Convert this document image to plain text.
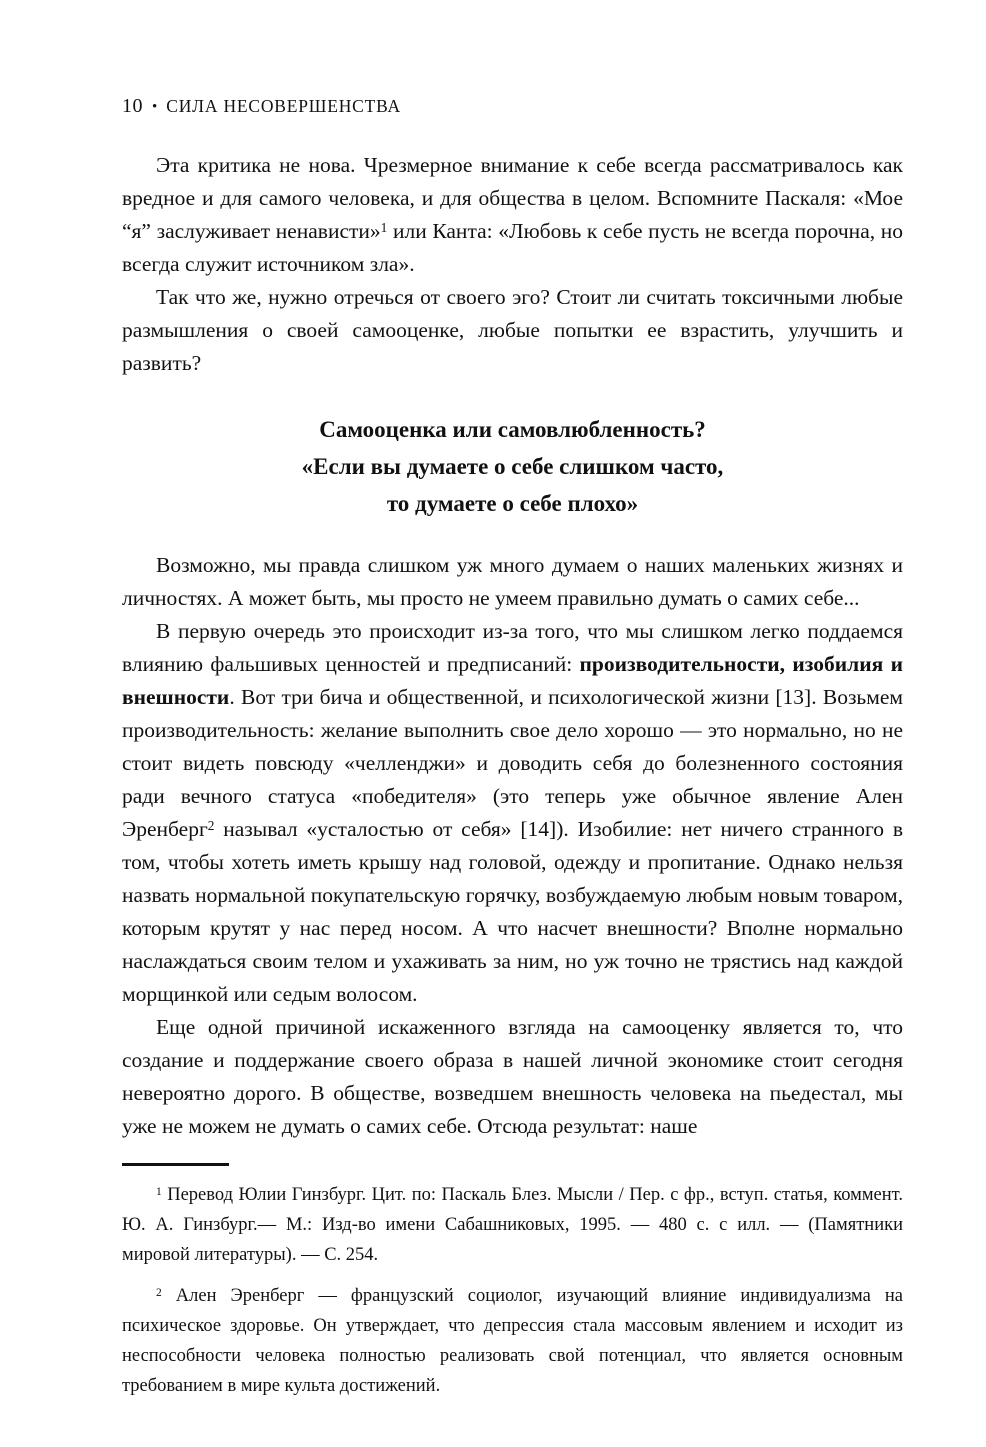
10 • СИЛА НЕСОВЕРШЕНСТВА

Эта критика не нова. Чрезмерное внимание к себе всегда рассматривалось как вредное и для самого человека, и для общества в целом. Вспомните Паскаля: «Мое “я” заслуживает ненависти»$^1$ или Канта: «Любовь к себе пусть не всегда порочна, но всегда служит источником зла».

Так что же, нужно отречься от своего эго? Стоит ли считать токсичными любые размышления о своей самооценке, любые попытки ее взрастить, улучшить и развить?

Самооценка или самовлюбленность?
«Если вы думаете о себе слишком часто,
то думаете о себе плохо»

Возможно, мы правда слишком уж много думаем о наших маленьких жизнях и личностях. А может быть, мы просто не умеем правильно думать о самих себе...

В первую очередь это происходит из-за того, что мы слишком легко поддаемся влиянию фальшивых ценностей и предписаний: производительности, изобилия и внешности. Вот три бича и общественной, и психологической жизни [13]. Возьмем производительность: желание выполнить свое дело хорошо — это нормально, но не стоит видеть повсюду «челленджи» и доводить себя до болезненного состояния ради вечного статуса «победителя» (это теперь уже обычное явление Ален Эренберг$^2$ называл «усталостью от себя» [14]). Изобилие: нет ничего странного в том, чтобы хотеть иметь крышу над головой, одежду и пропитание. Однако нельзя назвать нормальной покупательскую горячку, возбуждаемую любым новым товаром, которым крутят у нас перед носом. А что насчет внешности? Вполне нормально наслаждаться своим телом и ухаживать за ним, но уж точно не трястись над каждой морщинкой или седым волосом.

Еще одной причиной искаженного взгляда на самооценку является то, что создание и поддержание своего образа в нашей личной экономике стоит сегодня невероятно дорого. В обществе, возведшем внешность человека на пьедестал, мы уже не можем не думать о самих себе. Отсюда результат: наше

$^1$ Перевод Юлии Гинзбург. Цит. по: Паскаль Блез. Мысли / Пер. с фр., вступ. статья, коммент. Ю. А. Гинзбург.— М.: Изд-во имени Сабашниковых, 1995. — 480 с. с илл. — (Памятники мировой литературы). — С. 254.

$^2$ Ален Эренберг — французский социолог, изучающий влияние индивидуализма на психическое здоровье. Он утверждает, что депрессия стала массовым явлением и исходит из неспособности человека полностью реализовать свой потенциал, что является основным требованием в мире культа достижений.
